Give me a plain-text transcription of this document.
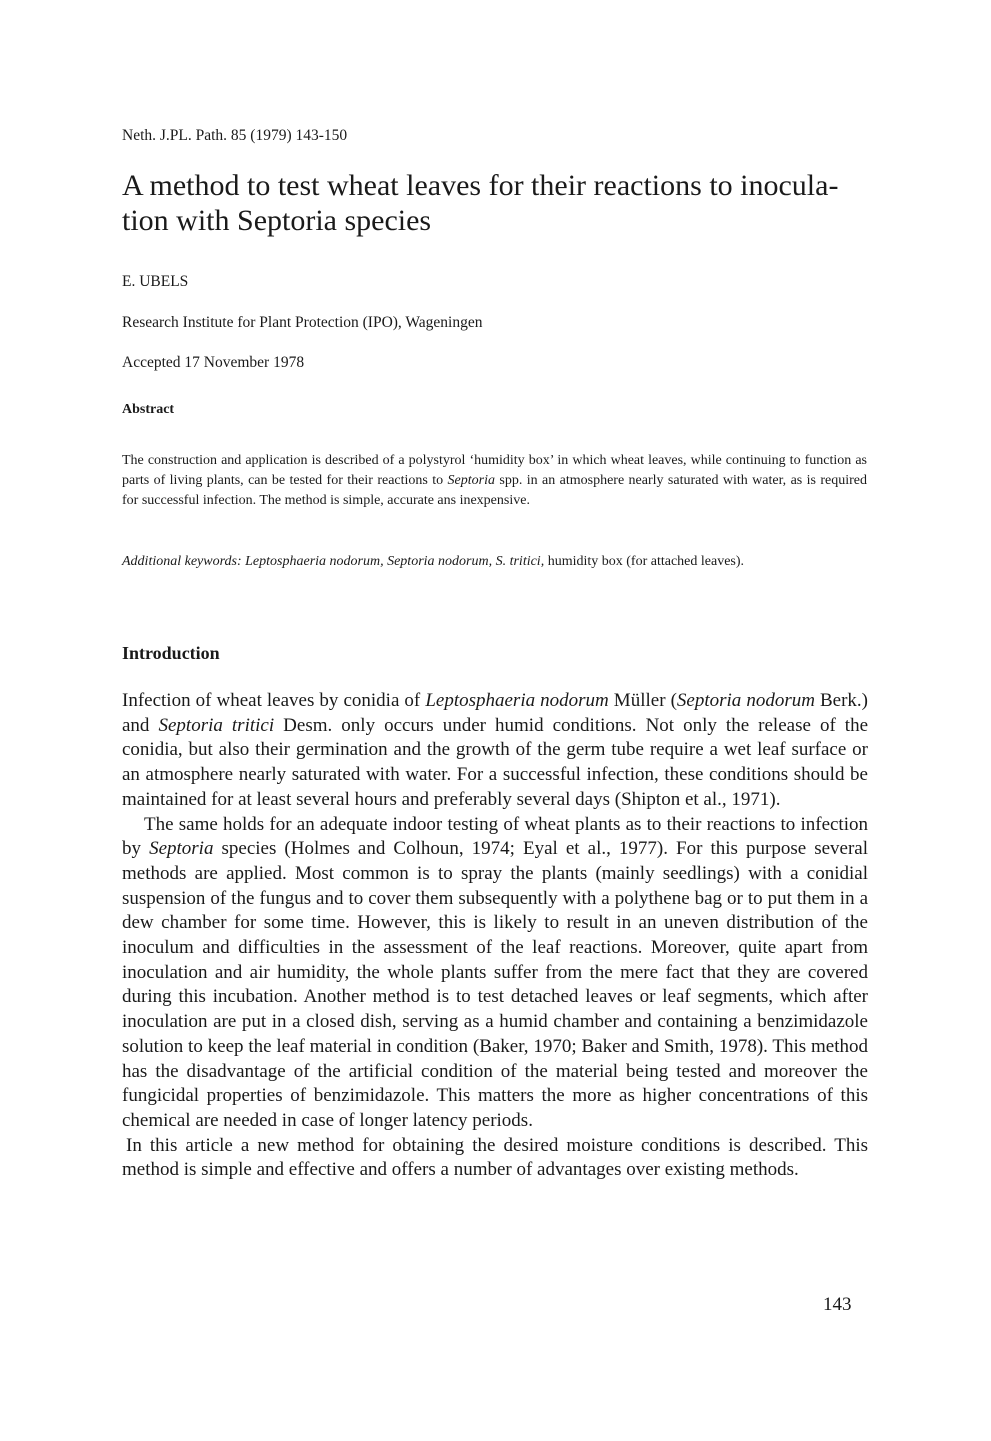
Neth. J.PL. Path. 85 (1979) 143-150
A method to test wheat leaves for their reactions to inocula-tion with Septoria species
E. UBELS
Research Institute for Plant Protection (IPO), Wageningen
Accepted 17 November 1978
Abstract
The construction and application is described of a polystyrol ‘humidity box’ in which wheat leaves, while continuing to function as parts of living plants, can be tested for their reactions to Septoria spp. in an atmosphere nearly saturated with water, as is required for successful infection. The method is simple, accurate ans inexpensive.
Additional keywords: Leptosphaeria nodorum, Septoria nodorum, S. tritici, humidity box (for attached leaves).
Introduction

Infection of wheat leaves by conidia of Leptosphaeria nodorum Müller (Septoria nodorum Berk.) and Septoria tritici Desm. only occurs under humid conditions. Not only the release of the conidia, but also their germination and the growth of the germ tube require a wet leaf surface or an atmosphere nearly saturated with water. For a successful infection, these conditions should be maintained for at least several hours and preferably several days (Shipton et al., 1971).

The same holds for an adequate indoor testing of wheat plants as to their reactions to infection by Septoria species (Holmes and Colhoun, 1974; Eyal et al., 1977). For this purpose several methods are applied. Most common is to spray the plants (mainly seedlings) with a conidial suspension of the fungus and to cover them subsequently with a polythene bag or to put them in a dew chamber for some time. However, this is likely to result in an uneven distribution of the inoculum and difficulties in the assessment of the leaf reactions. Moreover, quite apart from inoculation and air humidity, the whole plants suffer from the mere fact that they are covered during this incubation. Another method is to test detached leaves or leaf segments, which after inoculation are put in a closed dish, serving as a humid chamber and containing a benzimidazole solution to keep the leaf material in condition (Baker, 1970; Baker and Smith, 1978). This method has the disadvantage of the artificial condition of the material being tested and moreover the fungicidal properties of benzimidazole. This matters the more as higher concentrations of this chemical are needed in case of longer latency periods.

In this article a new method for obtaining the desired moisture conditions is described. This method is simple and effective and offers a number of advantages over existing methods.

143
